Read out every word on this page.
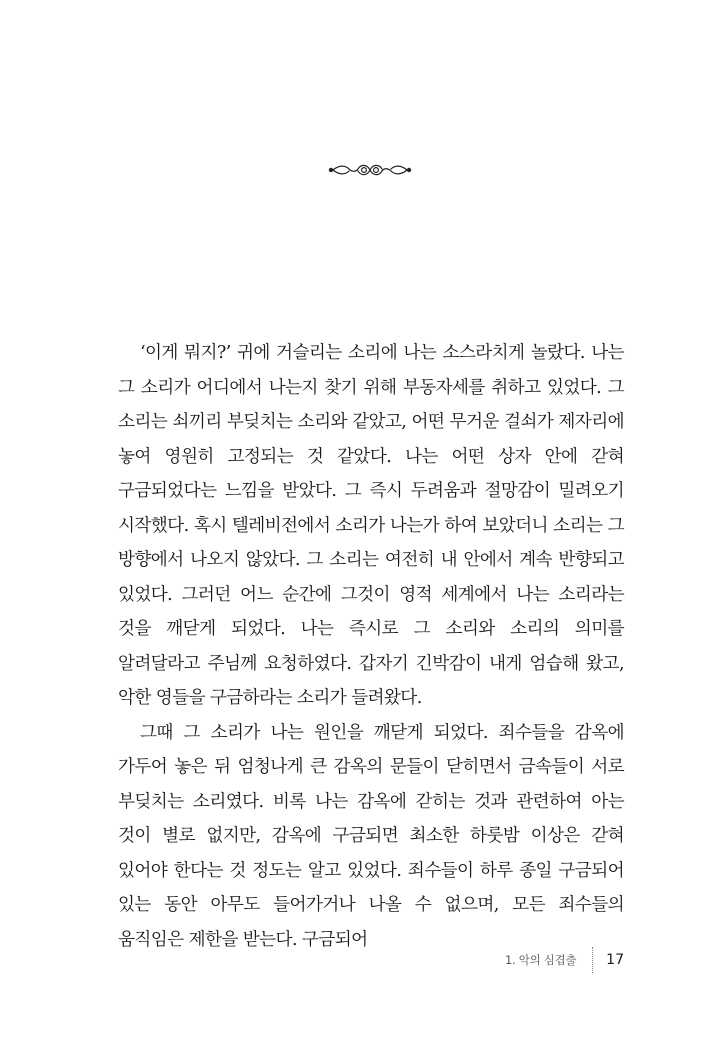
‘이게 뭐지?’ 귀에 거슬리는 소리에 나는 소스라치게 놀랐다. 나는 그 소리가 어디에서 나는지 찾기 위해 부동자세를 취하고 있었다. 그 소리는 쇠끼리 부딪치는 소리와 같았고, 어떤 무거운 걸쇠가 제자리에 놓여 영원히 고정되는 것 같았다. 나는 어떤 상자 안에 갇혀 구금되었다는 느낌을 받았다. 그 즉시 두려움과 절망감이 밀려오기 시작했다. 혹시 텔레비전에서 소리가 나는가 하여 보았더니 소리는 그 방향에서 나오지 않았다. 그 소리는 여전히 내 안에서 계속 반향되고 있었다. 그러던 어느 순간에 그것이 영적 세계에서 나는 소리라는 것을 깨닫게 되었다. 나는 즉시로 그 소리와 소리의 의미를 알려달라고 주님께 요청하였다. 갑자기 긴박감이 내게 엄습해 왔고, 악한 영들을 구금하라는 소리가 들려왔다.

그때 그 소리가 나는 원인을 깨닫게 되었다. 죄수들을 감옥에 가두어 놓은 뒤 엄청나게 큰 감옥의 문들이 닫히면서 금속들이 서로 부딪치는 소리였다. 비록 나는 감옥에 갇히는 것과 관련하여 아는 것이 별로 없지만, 감옥에 구금되면 최소한 하룻밤 이상은 갇혀 있어야 한다는 것 정도는 알고 있었다. 죄수들이 하루 종일 구금되어 있는 동안 아무도 들어가거나 나올 수 없으며, 모든 죄수들의 움직임은 제한을 받는다. 구금되어

1. 악의 심겹출 17
